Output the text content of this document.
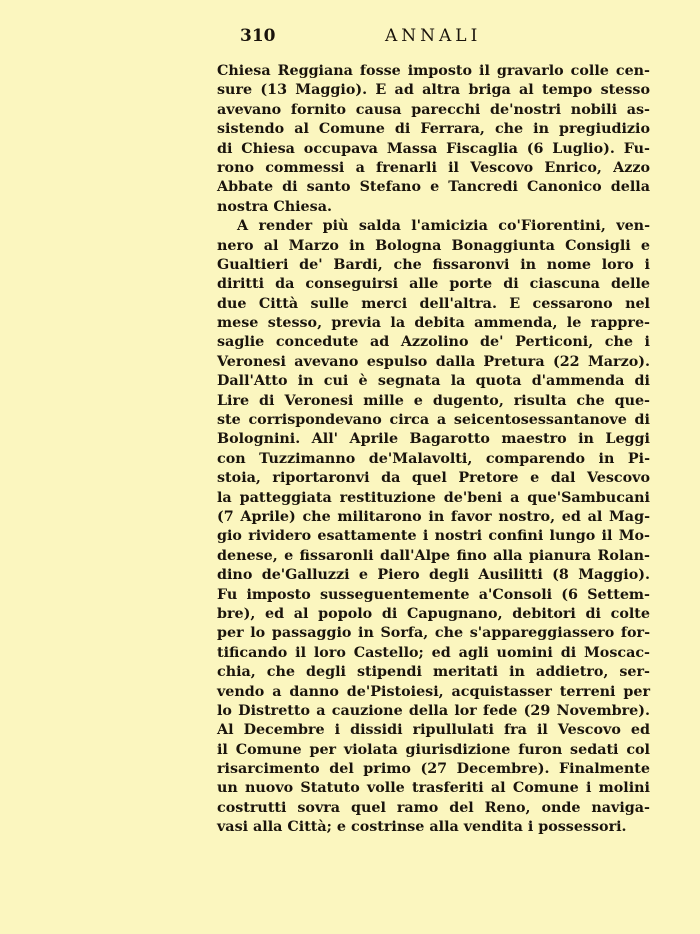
310	ANNALI
Chiesa Reggiana fosse imposto il gravarlo colle cen-
sure (13 Maggio). E ad altra briga al tempo stesso
avevano fornito causa parecchi de'nostri nobili as-
sistendo al Comune di Ferrara, che in pregiudizio
di Chiesa occupava Massa Fiscaglia (6 Luglio). Fu-
rono commessi a frenarli il Vescovo Enrico, Azzo
Abbate di santo Stefano e Tancredi Canonico della
nostra Chiesa.
A render più salda l'amicizia co'Fiorentini, ven-
nero al Marzo in Bologna Bonaggiunta Consigli e
Gualtieri de' Bardi, che fissaronvi in nome loro i
diritti da conseguirsi alle porte di ciascuna delle
due Città sulle merci dell'altra. E cessarono nel
mese stesso, previa la debita ammenda, le rappre-
saglie concedute ad Azzolino de' Perticoni, che i
Veronesi avevano espulso dalla Pretura (22 Marzo).
Dall'Atto in cui è segnata la quota d'ammenda di
Lire di Veronesi mille e dugento, risulta che que-
ste corrispondevano circa a seicentosessantanove di
Bolognini. All' Aprile Bagarotto maestro in Leggi
con Tuzzimanno de'Malavolti, comparendo in Pi-
stoia, riportaronvi da quel Pretore e dal Vescovo
la patteggiata restituzione de'beni a que'Sambucani
(7 Aprile) che militarono in favor nostro, ed al Mag-
gio rividero esattamente i nostri confini lungo il Mo-
denese, e fissaronli dall'Alpe fino alla pianura Rolan-
dino de'Galluzzi e Piero degli Ausilitti (8 Maggio).
Fu imposto susseguentemente a'Consoli (6 Settem-
bre), ed al popolo di Capugnano, debitori di colte
per lo passaggio in Sorfa, che s'appareggiassero for-
tificando il loro Castello; ed agli uomini di Moscac-
chia, che degli stipendi meritati in addietro, ser-
vendo a danno de'Pistoiesi, acquistasser terreni per
lo Distretto a cauzione della lor fede (29 Novembre).
Al Decembre i dissidi ripullulati fra il Vescovo ed
il Comune per violata giurisdizione furon sedati col
risarcimento del primo (27 Decembre). Finalmente
un nuovo Statuto volle trasferiti al Comune i molini
costrutti sovra quel ramo del Reno, onde naviga-
vasi alla Città; e costrinse alla vendita i possessori.
